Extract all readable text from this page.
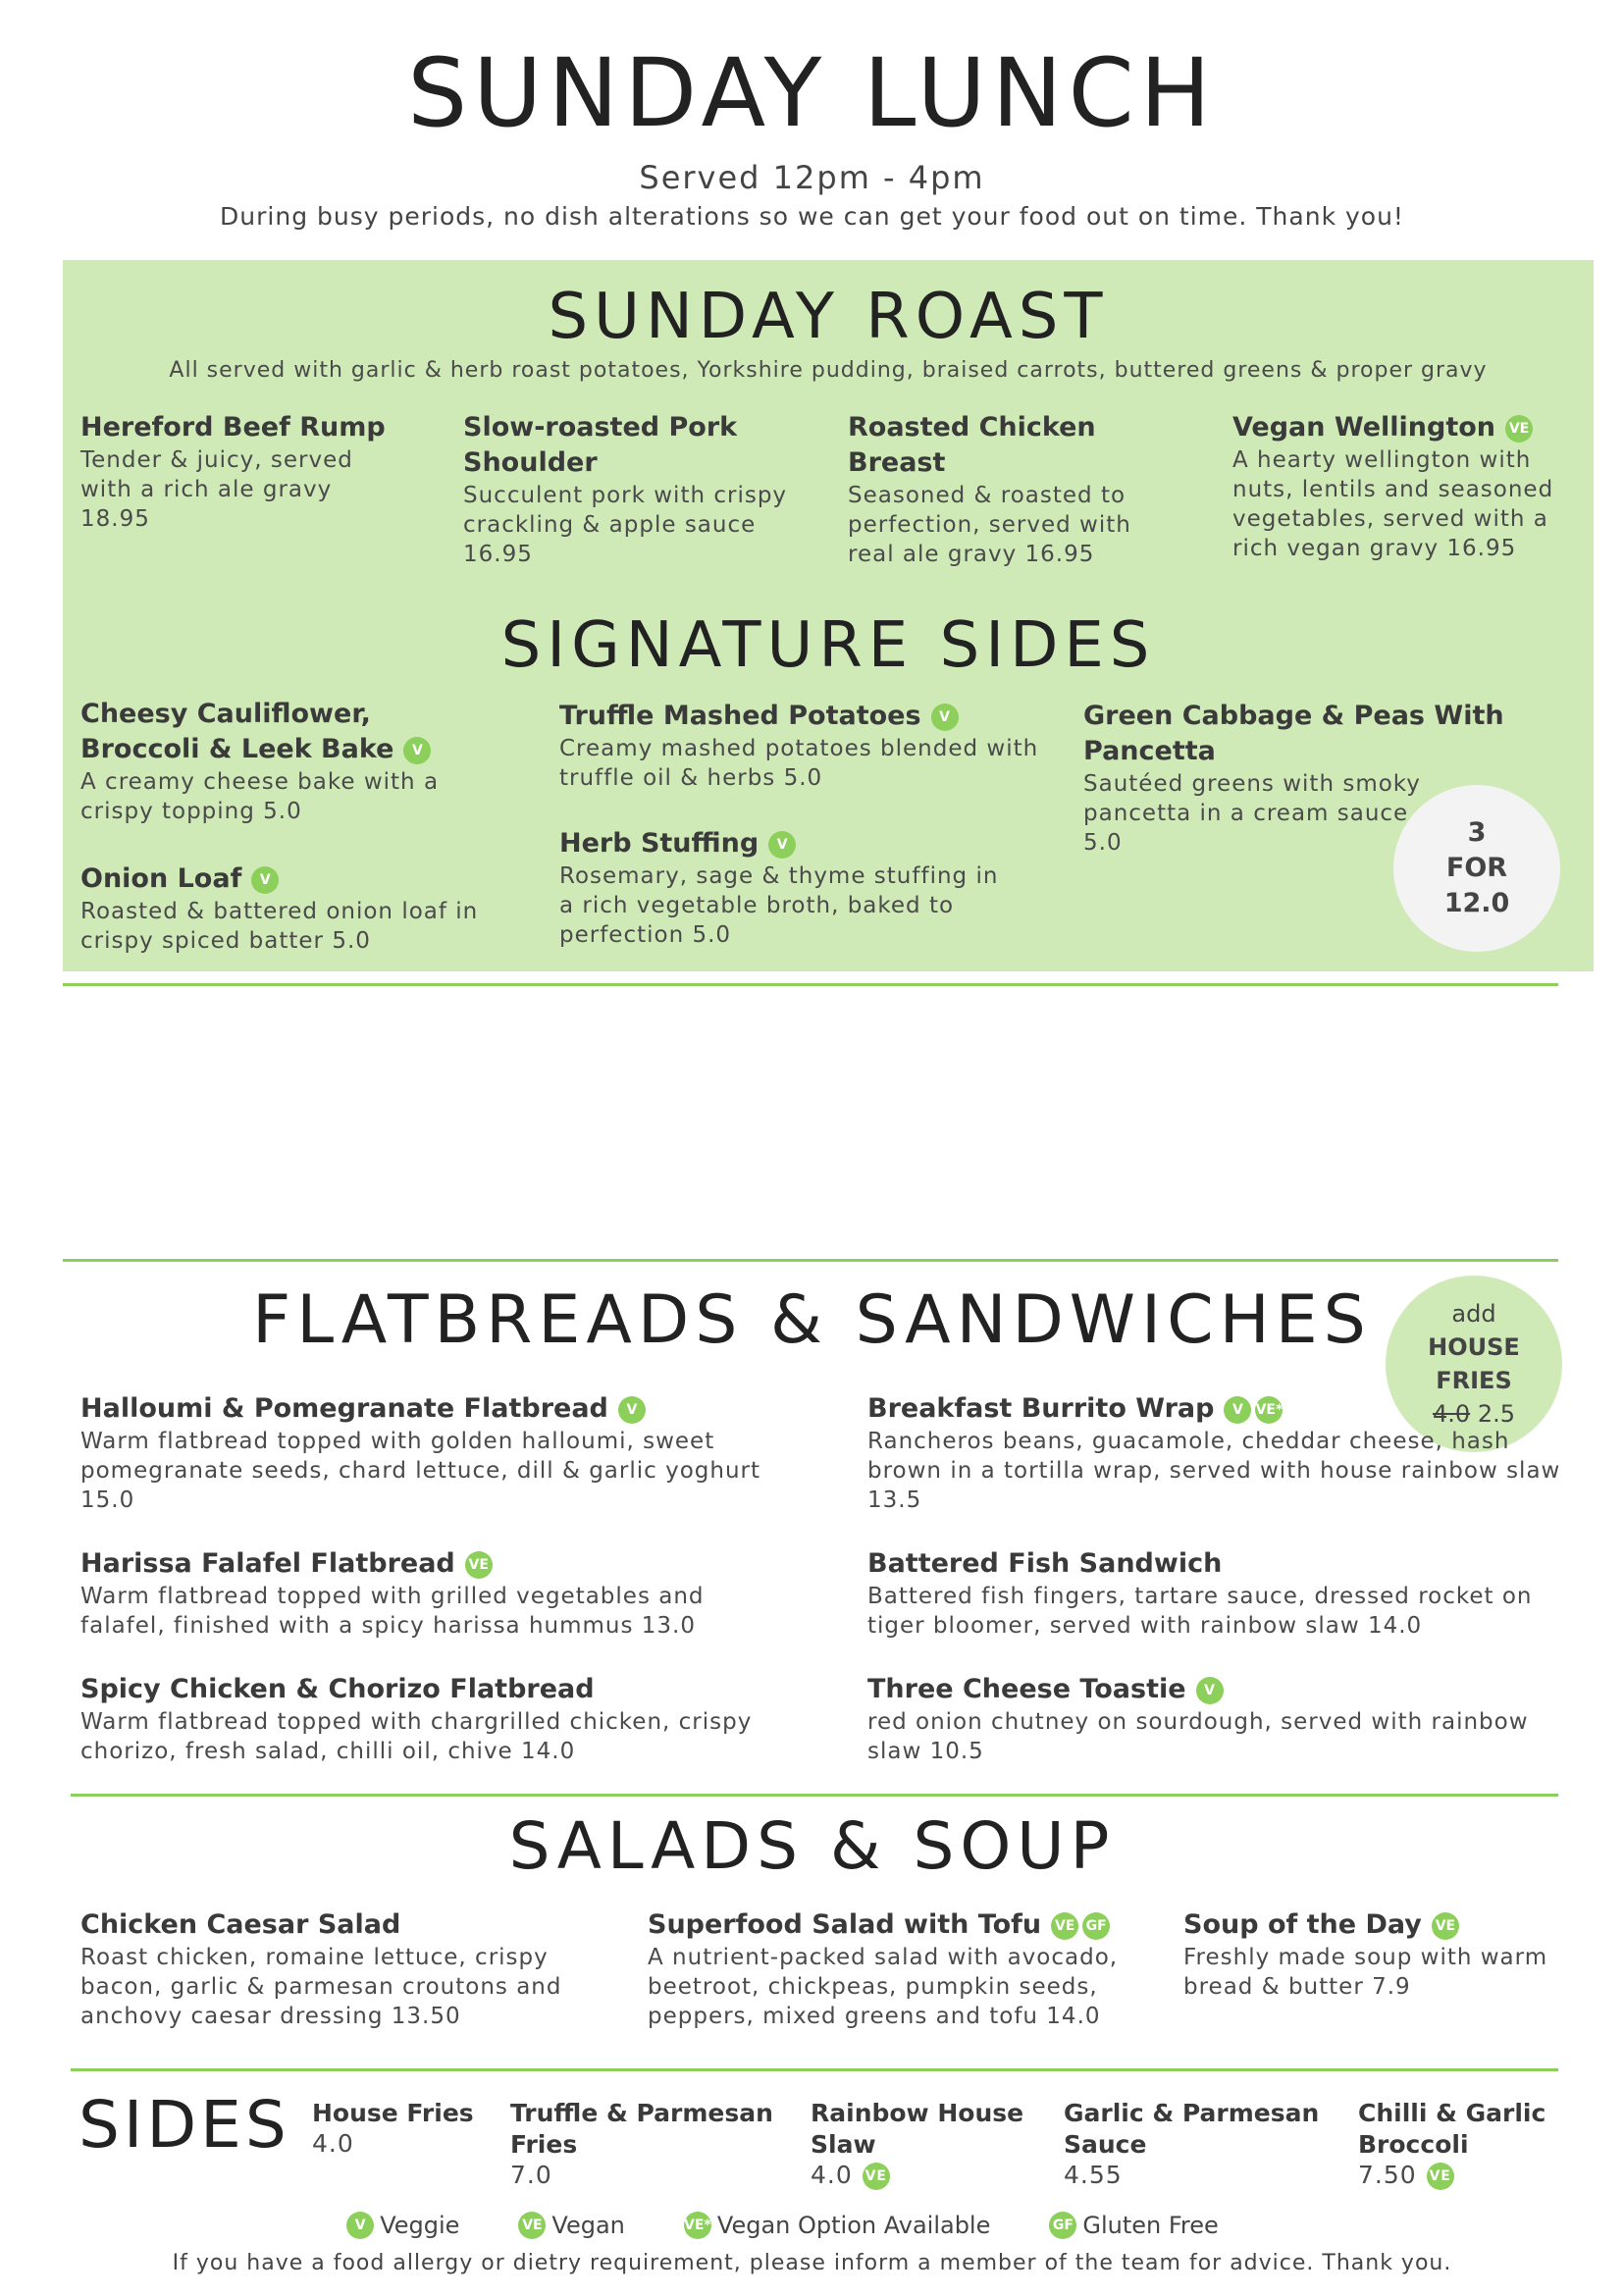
SUNDAY LUNCH
Served 12pm - 4pm
During busy periods, no dish alterations so we can get your food out on time. Thank you!
SUNDAY ROAST
All served with garlic & herb roast potatoes, Yorkshire pudding, braised carrots, buttered greens & proper gravy
Hereford Beef Rump
Tender & juicy, served with a rich ale gravy 18.95
Slow-roasted Pork Shoulder
Succulent pork with crispy crackling & apple sauce 16.95
Roasted Chicken Breast
Seasoned & roasted to perfection, served with real ale gravy 16.95
Vegan Wellington VE
A hearty wellington with nuts, lentils and seasoned vegetables, served with a rich vegan gravy 16.95
SIGNATURE SIDES
Cheesy Cauliflower, Broccoli & Leek Bake V
A creamy cheese bake with a crispy topping 5.0
Onion Loaf V
Roasted & battered onion loaf in crispy spiced batter 5.0
Truffle Mashed Potatoes V
Creamy mashed potatoes blended with truffle oil & herbs 5.0
Herb Stuffing V
Rosemary, sage & thyme stuffing in a rich vegetable broth, baked to perfection 5.0
Green Cabbage & Peas With Pancetta
Sautéed greens with smoky pancetta in a cream sauce 5.0	3
FOR
12.0
FLATBREADS & SANDWICHES	add
HOUSE
FRIES
4.0 2.5
Halloumi & Pomegranate Flatbread V
Warm flatbread topped with golden halloumi, sweet pomegranate seeds, chard lettuce, dill & garlic yoghurt 15.0
Harissa Falafel Flatbread VE
Warm flatbread topped with grilled vegetables and falafel, finished with a spicy harissa hummus 13.0
Spicy Chicken & Chorizo Flatbread
Warm flatbread topped with chargrilled chicken, crispy chorizo, fresh salad, chilli oil, chive 14.0
Breakfast Burrito Wrap V VE*
Rancheros beans, guacamole, cheddar cheese, hash brown in a tortilla wrap, served with house rainbow slaw 13.5
Battered Fish Sandwich
Battered fish fingers, tartare sauce, dressed rocket on tiger bloomer, served with rainbow slaw 14.0
Three Cheese Toastie V
red onion chutney on sourdough, served with rainbow slaw 10.5
SALADS & SOUP
Chicken Caesar Salad
Roast chicken, romaine lettuce, crispy bacon, garlic & parmesan croutons and anchovy caesar dressing 13.50
Superfood Salad with Tofu VE GF
A nutrient-packed salad with avocado, beetroot, chickpeas, pumpkin seeds, peppers, mixed greens and tofu 14.0
Soup of the Day VE
Freshly made soup with warm bread & butter 7.9
SIDES House Fries
4.0
Truffle & Parmesan Fries
7.0
Rainbow House Slaw
4.0 VE
Garlic & Parmesan Sauce
4.55
Chilli & Garlic Broccoli
7.50 VE
V Veggie	VE Vegan	VE* Vegan Option Available	GF Gluten Free
If you have a food allergy or dietry requirement, please inform a member of the team for advice. Thank you.
